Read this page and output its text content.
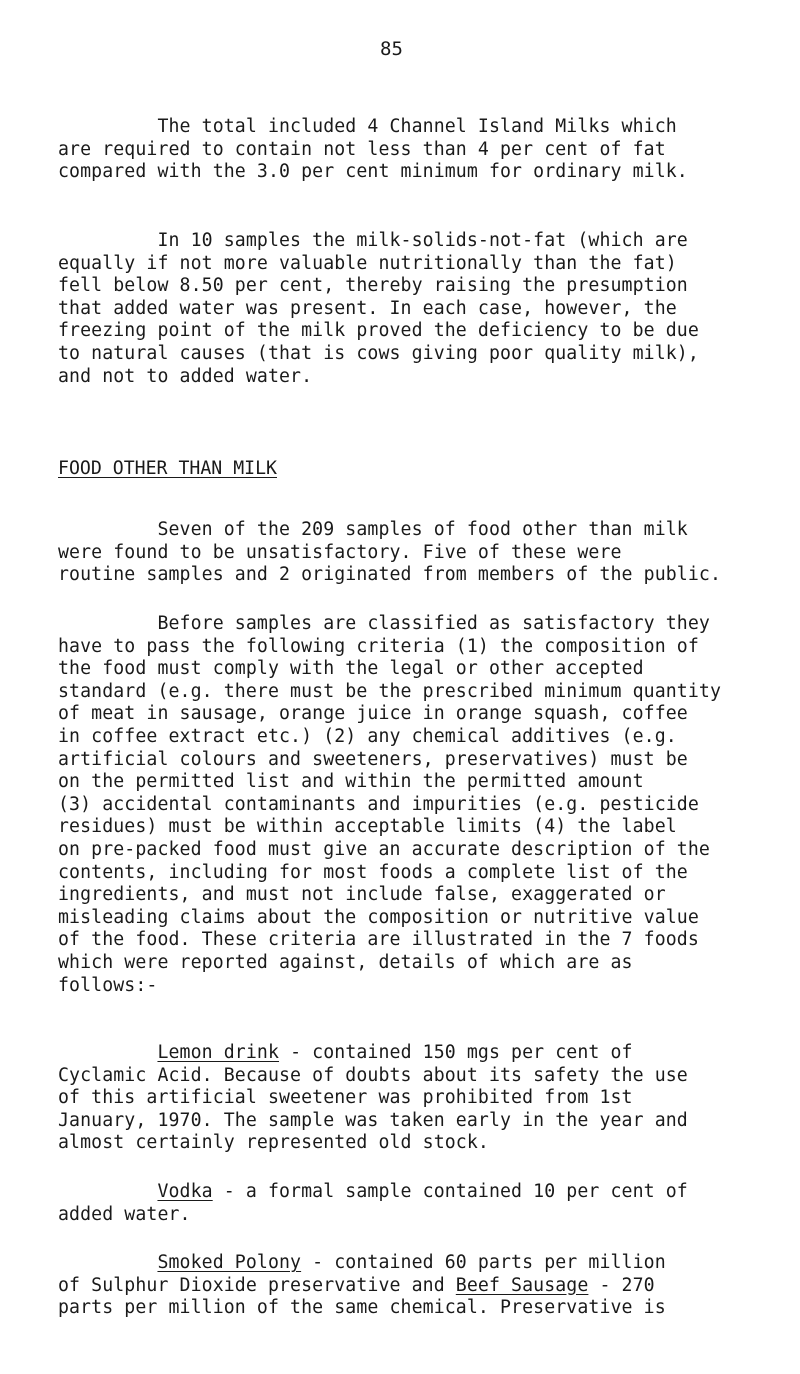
85
The total included 4 Channel Island Milks which
are required to contain not less than 4 per cent of fat
compared with the 3.0 per cent minimum for ordinary milk.
In 10 samples the milk-solids-not-fat (which are
equally if not more valuable nutritionally than the fat)
fell below 8.50 per cent, thereby raising the presumption
that added water was present. In each case, however, the
freezing point of the milk proved the deficiency to be due
to natural causes (that is cows giving poor quality milk),
and not to added water.
FOOD OTHER THAN MILK
Seven of the 209 samples of food other than milk
were found to be unsatisfactory. Five of these were
routine samples and 2 originated from members of the public.
Before samples are classified as satisfactory they
have to pass the following criteria (1) the composition of
the food must comply with the legal or other accepted
standard (e.g. there must be the prescribed minimum quantity
of meat in sausage, orange juice in orange squash, coffee
in coffee extract etc.) (2) any chemical additives (e.g.
artificial colours and sweeteners, preservatives) must be
on the permitted list and within the permitted amount
(3) accidental contaminants and impurities (e.g. pesticide
residues) must be within acceptable limits (4) the label
on pre-packed food must give an accurate description of the
contents, including for most foods a complete list of the
ingredients, and must not include false, exaggerated or
misleading claims about the composition or nutritive value
of the food. These criteria are illustrated in the 7 foods
which were reported against, details of which are as
follows:-
Lemon drink - contained 150 mgs per cent of
Cyclamic Acid. Because of doubts about its safety the use
of this artificial sweetener was prohibited from 1st
January, 1970. The sample was taken early in the year and
almost certainly represented old stock.
Vodka - a formal sample contained 10 per cent of
added water.
Smoked Polony - contained 60 parts per million
of Sulphur Dioxide preservative and Beef Sausage - 270
parts per million of the same chemical. Preservative is
